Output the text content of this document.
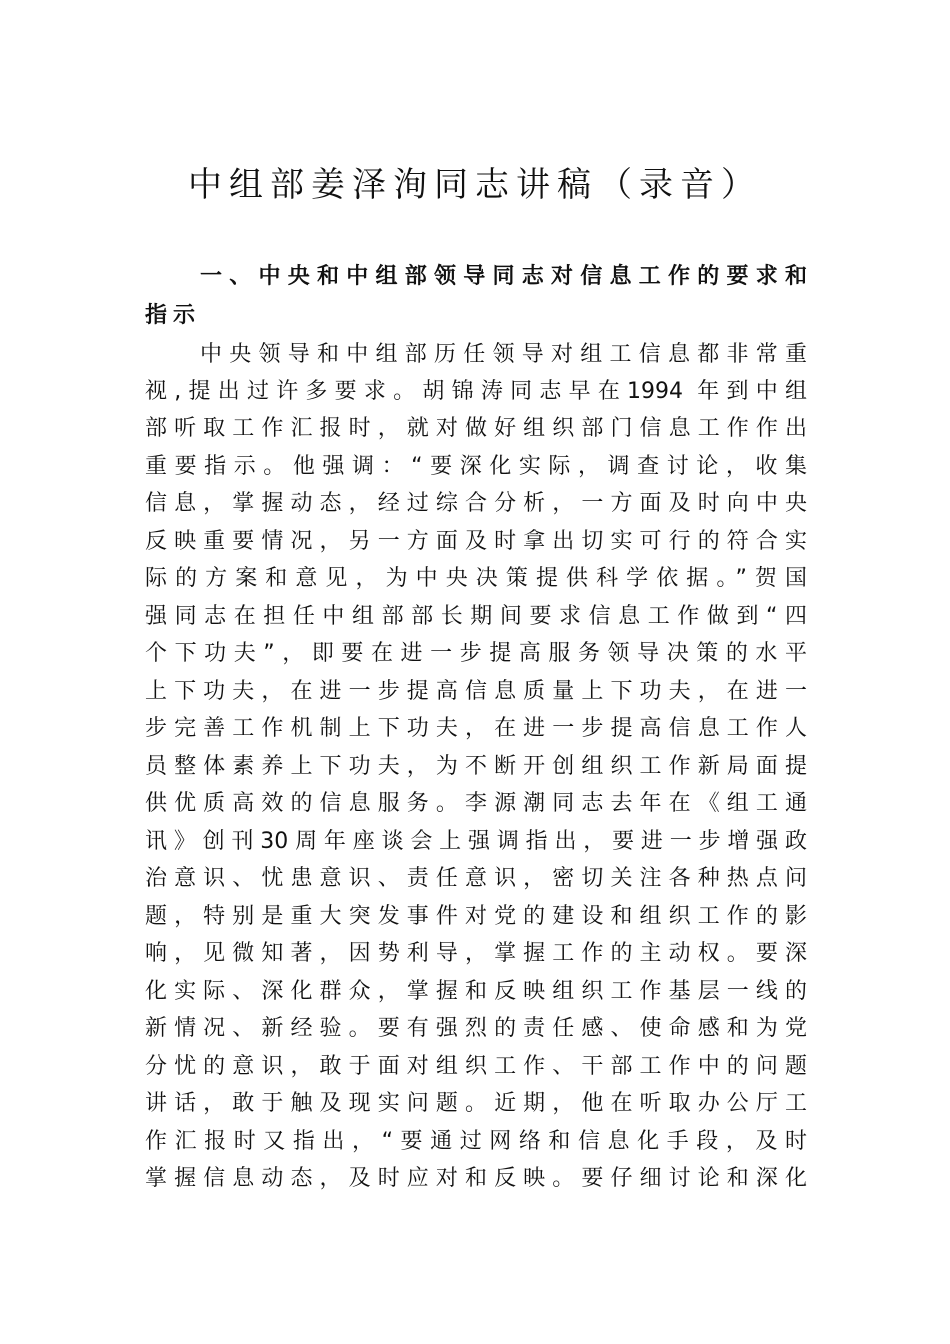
中组部姜泽洵同志讲稿（录音）
一、中央和中组部领导同志对信息工作的要求和
指示
中央领导和中组部历任领导对组工信息都非常重
视,提出过许多要求。胡锦涛同志早在1994 年到中组
部听取工作汇报时，就对做好组织部门信息工作作出
重要指示。他强调：“要深化实际，调查讨论，收集
信息，掌握动态，经过综合分析，一方面及时向中央
反映重要情况，另一方面及时拿出切实可行的符合实
际的方案和意见，为中央决策提供科学依据。”贺国
强同志在担任中组部部长期间要求信息工作做到“四
个下功夫”，即要在进一步提高服务领导决策的水平
上下功夫，在进一步提高信息质量上下功夫，在进一
步完善工作机制上下功夫，在进一步提高信息工作人
员整体素养上下功夫，为不断开创组织工作新局面提
供优质高效的信息服务。李源潮同志去年在《组工通
讯》创刊30周年座谈会上强调指出，要进一步增强政
治意识、忧患意识、责任意识，密切关注各种热点问
题，特别是重大突发事件对党的建设和组织工作的影
响，见微知著，因势利导，掌握工作的主动权。要深
化实际、深化群众，掌握和反映组织工作基层一线的
新情况、新经验。要有强烈的责任感、使命感和为党
分忧的意识，敢于面对组织工作、干部工作中的问题
讲话，敢于触及现实问题。近期，他在听取办公厅工
作汇报时又指出，“要通过网络和信息化手段，及时
掌握信息动态，及时应对和反映。要仔细讨论和深化
